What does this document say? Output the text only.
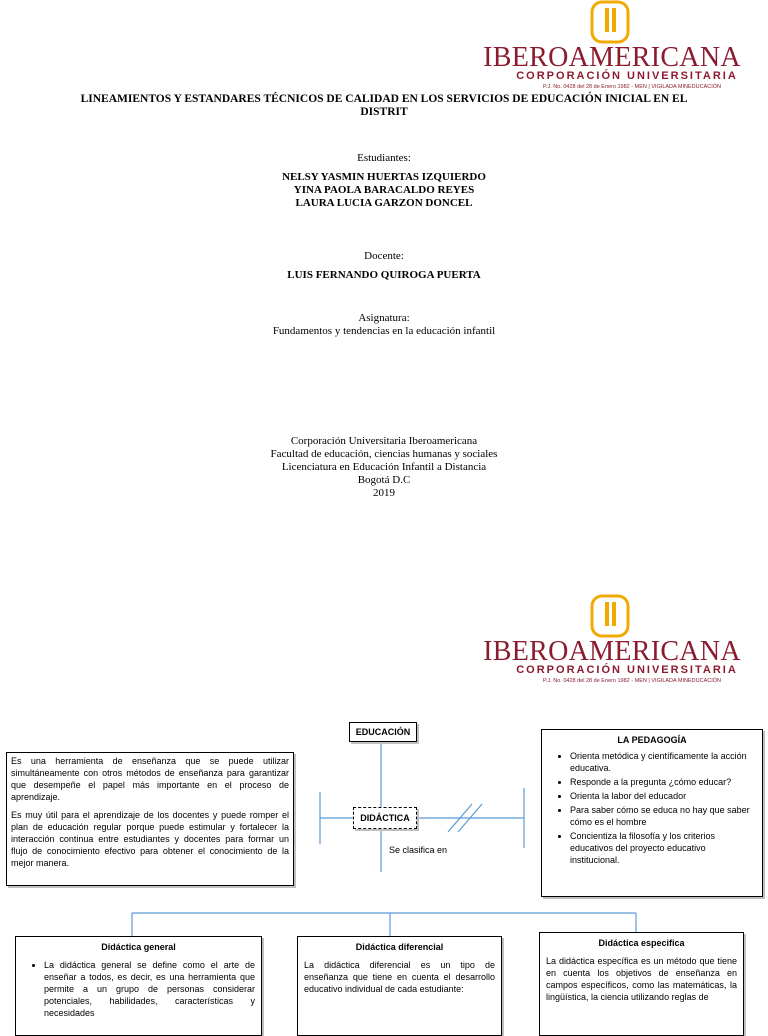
IBEROAMERICANA
CORPORACIÓN UNIVERSITARIA
P.J. No. 0428 del 28 de Enero 1982 - MEN | VIGILADA MINEDUCACIÓN
LINEAMIENTOS Y ESTANDARES TÉCNICOS DE CALIDAD EN LOS SERVICIOS DE EDUCACIÓN INICIAL EN EL
DISTRIT
Estudiantes:
NELSY YASMIN HUERTAS IZQUIERDO
YINA PAOLA BARACALDO REYES
LAURA LUCIA GARZON DONCEL
Docente:
LUIS FERNANDO QUIROGA PUERTA
Asignatura:
Fundamentos y tendencias en la educación infantil
Corporación Universitaria Iberoamericana
Facultad de educación, ciencias humanas y sociales
Licenciatura en Educación Infantil a Distancia
Bogotá D.C
2019
IBEROAMERICANA
CORPORACIÓN UNIVERSITARIA
P.J. No. 0428 del 28 de Enero 1982 - MEN | VIGILADA MINEDUCACIÓN
EDUCACIÓN
DIDÁCTICA
Se clasifica en
Es una herramienta de enseñanza que se puede utilizar simultáneamente con otros métodos de enseñanza para garantizar que desempeñe el papel más importante en el proceso de aprendizaje.
Es muy útil para el aprendizaje de los docentes y puede romper el plan de educación regular porque puede estimular y fortalecer la interacción continua entre estudiantes y docentes para formar un flujo de conocimiento efectivo para obtener el conocimiento de la mejor manera.
LA PEDAGOGÍA
• Orienta metódica y científicamente la acción educativa.
• Responde a la pregunta ¿cómo educar?
• Orienta la labor del educador
• Para saber cómo se educa no hay que saber cómo es el hombre
• Concientiza la filosofía y los criterios educativos del proyecto educativo institucional.
Didáctica general
• La didáctica general se define como el arte de enseñar a todos, es decir, es una herramienta que permite a un grupo de personas considerar potenciales, habilidades, características y necesidades
Didáctica diferencial
La didáctica diferencial es un tipo de enseñanza que tiene en cuenta el desarrollo educativo individual de cada estudiante:
Didáctica especifica
La didáctica específica es un método que tiene en cuenta los objetivos de enseñanza en campos específicos, como las matemáticas, la lingüística, la ciencia utilizando reglas de
